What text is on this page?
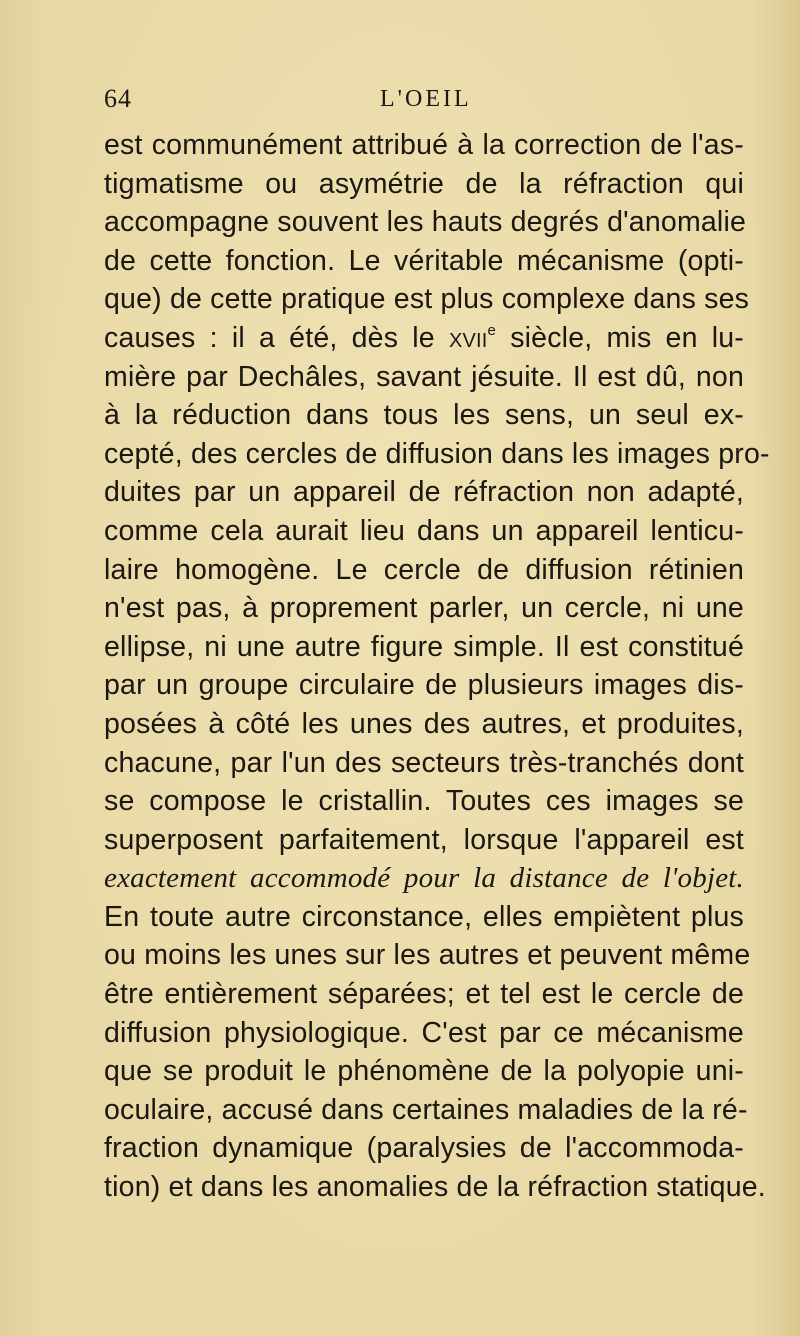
64	L'OEIL
est communément attribué à la correction de l'as-
tigmatisme ou asymétrie de la réfraction qui
accompagne souvent les hauts degrés d'anomalie
de cette fonction. Le véritable mécanisme (opti-
que) de cette pratique est plus complexe dans ses
causes : il a été, dès le xvii$^e$ siècle, mis en lu-
mière par Dechâles, savant jésuite. Il est dû, non
à la réduction dans tous les sens, un seul ex-
cepté, des cercles de diffusion dans les images pro-
duites par un appareil de réfraction non adapté,
comme cela aurait lieu dans un appareil lenticu-
laire homogène. Le cercle de diffusion rétinien
n'est pas, à proprement parler, un cercle, ni une
ellipse, ni une autre figure simple. Il est constitué
par un groupe circulaire de plusieurs images dis-
posées à côté les unes des autres, et produites,
chacune, par l'un des secteurs très-tranchés dont
se compose le cristallin. Toutes ces images se
superposent parfaitement, lorsque l'appareil est
exactement accommodé pour la distance de l'objet.
En toute autre circonstance, elles empiètent plus
ou moins les unes sur les autres et peuvent même
être entièrement séparées; et tel est le cercle de
diffusion physiologique. C'est par ce mécanisme
que se produit le phénomène de la polyopie uni-
oculaire, accusé dans certaines maladies de la ré-
fraction dynamique (paralysies de l'accommoda-
tion) et dans les anomalies de la réfraction statique.
